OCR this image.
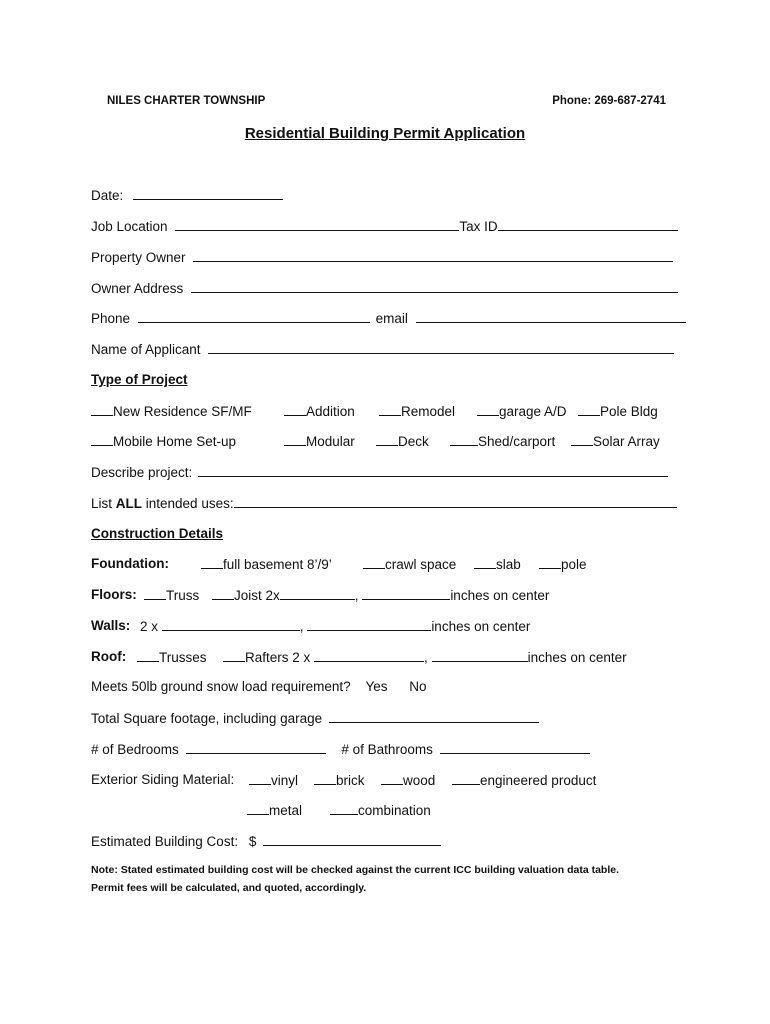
NILES CHARTER TOWNSHIP	Phone: 269-687-2741
Residential Building Permit Application
Date:
Job Location	Tax ID
Property Owner
Owner Address
Phone	email
Name of Applicant
Type of Project
New Residence SF/MF	Addition	Remodel	garage A/D	Pole Bldg
Mobile Home Set-up	Modular	Deck	Shed/carport	Solar Array
Describe project:
List ALL intended uses:
Construction Details
Foundation:	full basement 8’/9’	crawl space	slab	pole
Floors:	Truss	Joist 2x	,	inches on center
Walls: 2 x	,	inches on center
Roof:	Trusses	Rafters 2 x	,	inches on center
Meets 50lb ground snow load requirement? Yes No
Total Square footage, including garage
# of Bedrooms	# of Bathrooms
Exterior Siding Material:	vinyl	brick	wood	engineered product
metal	combination
Estimated Building Cost: $
Note: Stated estimated building cost will be checked against the current ICC building valuation data table.
Permit fees will be calculated, and quoted, accordingly.
